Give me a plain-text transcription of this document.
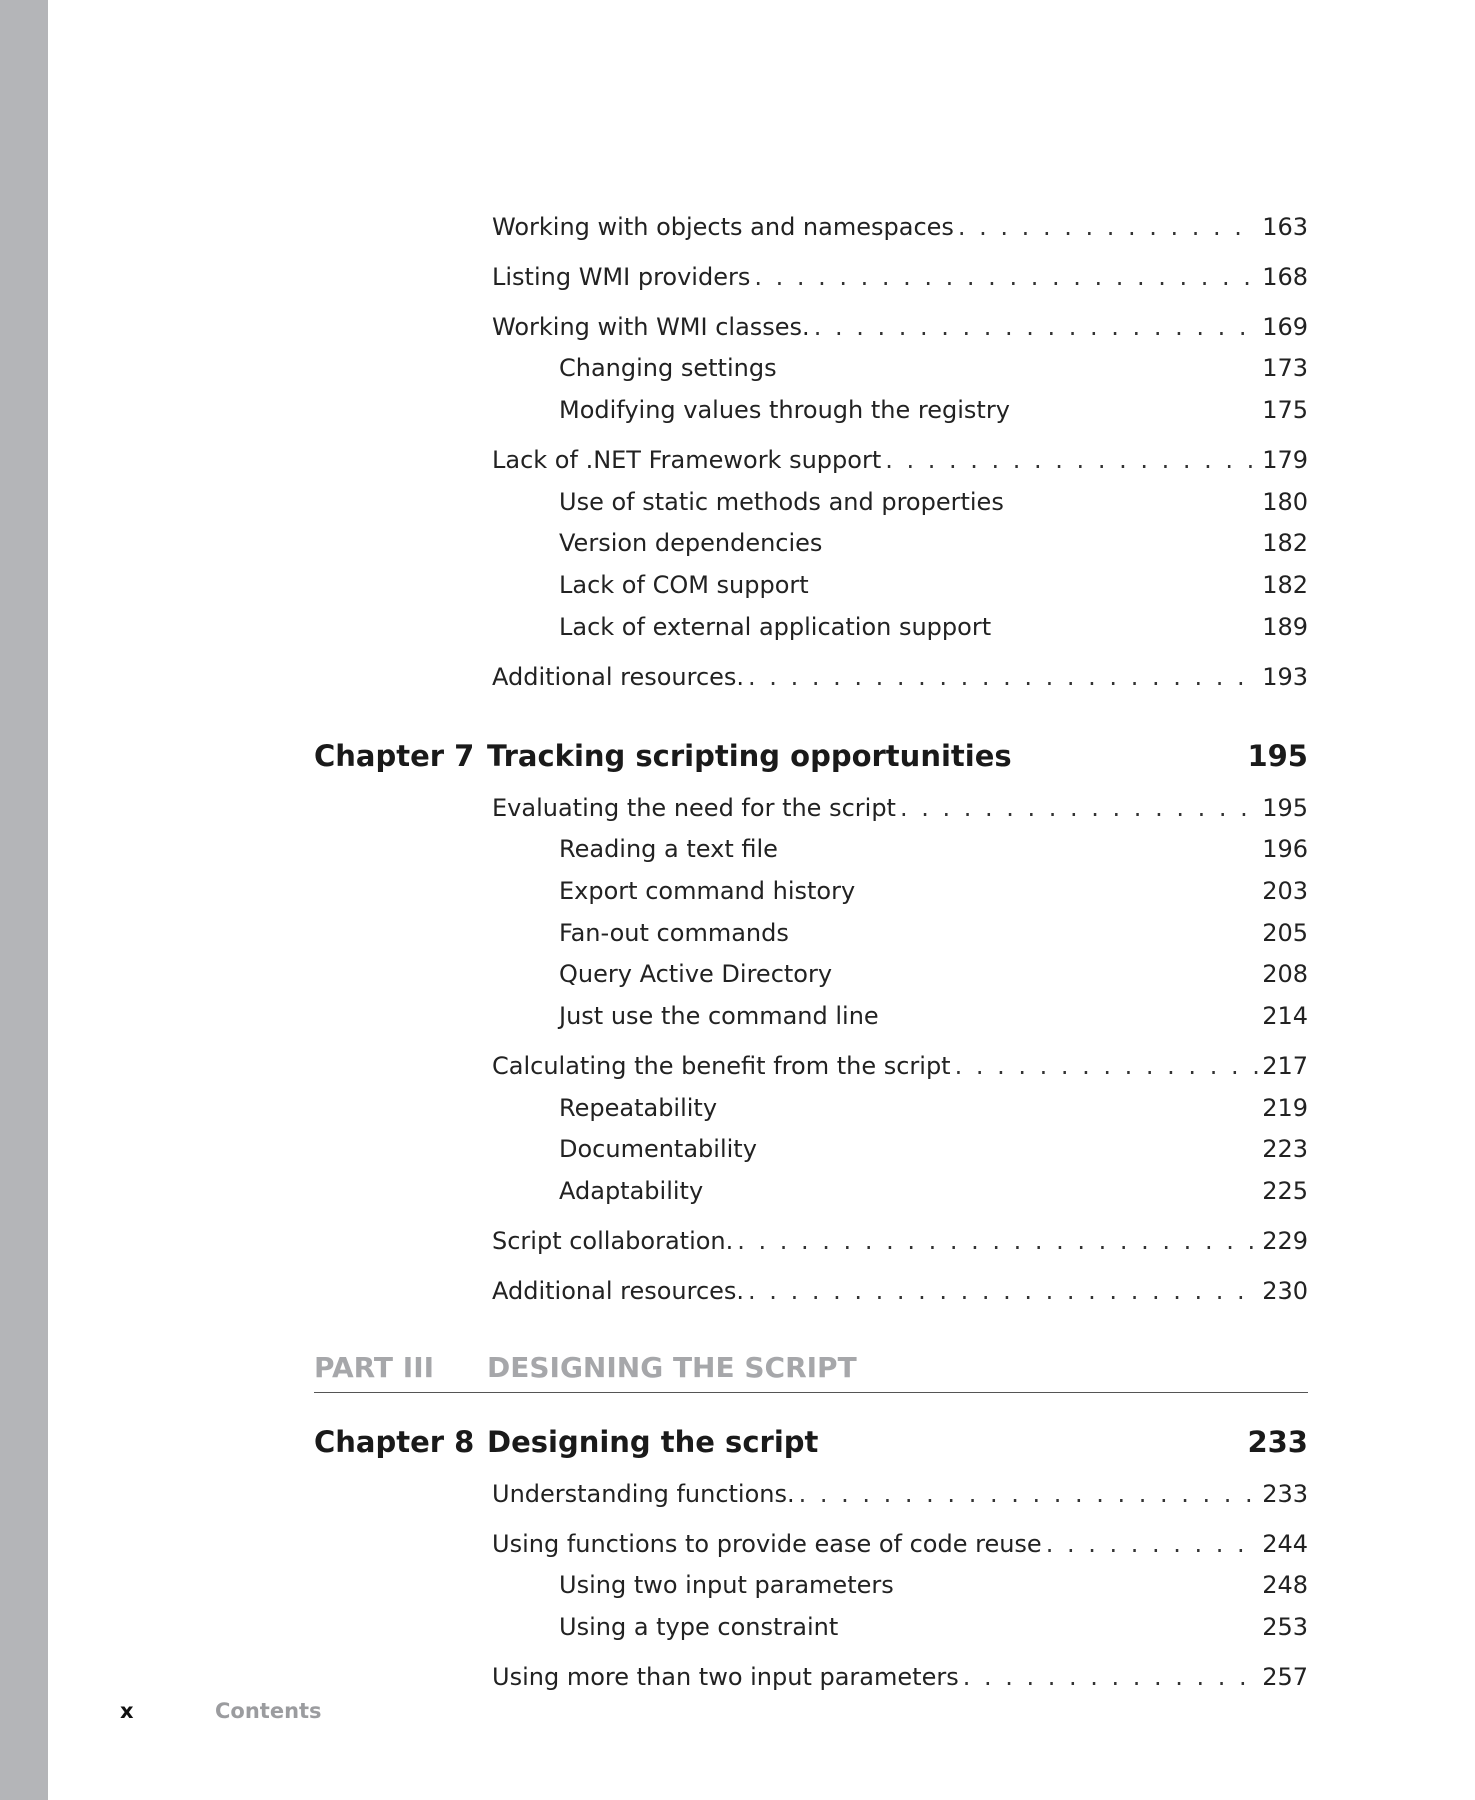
Working with objects and namespaces . . .	163
Listing WMI providers . . .	168
Working with WMI classes. . . .	169
Changing settings	173
Modifying values through the registry	175
Lack of .NET Framework support . . .	179
Use of static methods and properties	180
Version dependencies	182
Lack of COM support	182
Lack of external application support	189
Additional resources. . . .	193
Chapter 7 Tracking scripting opportunities	195
Evaluating the need for the script . . .	195
Reading a text file	196
Export command history	203
Fan-out commands	205
Query Active Directory	208
Just use the command line	214
Calculating the benefit from the script . . .	217
Repeatability	219
Documentability	223
Adaptability	225
Script collaboration. . . .	229
Additional resources. . . .	230
PART III	DESIGNING THE SCRIPT
Chapter 8 Designing the script	233
Understanding functions. . . .	233
Using functions to provide ease of code reuse . . .	244
Using two input parameters	248
Using a type constraint	253
Using more than two input parameters . . .	257
x	Contents
